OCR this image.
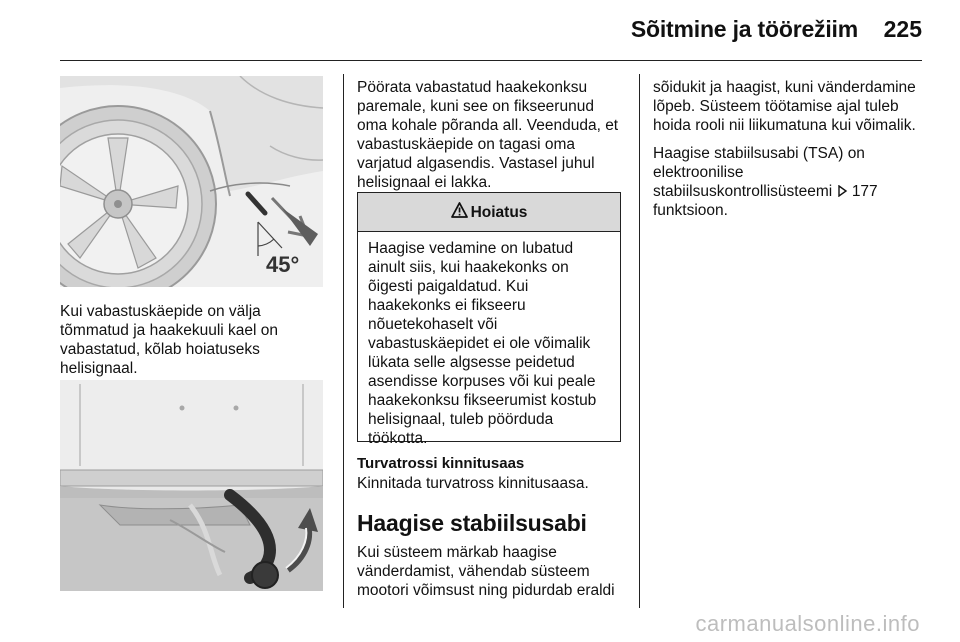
Sõitmine ja töörežiim 225
45°

Kui vabastuskäepide on välja tõmmatud ja haakekuuli kael on vabastatud, kõlab hoiatuseks helisignaal.

Pöörata vabastatud haakekonksu paremale, kuni see on fikseerunud oma kohale põranda all. Veenduda, et vabastuskäepide on tagasi oma varjatud algasendis. Vastasel juhul helisignaal ei lakka.

Hoiatus

Haagise vedamine on lubatud ainult siis, kui haakekonks on õigesti paigaldatud. Kui haakekonks ei fikseeru nõuetekohaselt või vabastuskäepidet ei ole võimalik lükata selle algsesse peidetud asendisse korpuses või kui peale haakekonksu fikseerumist kostub helisignaal, tuleb pöörduda töökotta.

Turvatrossi kinnitusaas

Kinnitada turvatross kinnitusaasa.

Haagise stabiilsusabi

Kui süsteem märkab haagise vänderdamist, vähendab süsteem mootori võimsust ning pidurdab eraldi

sõidukit ja haagist, kuni vänderdamine lõpeb. Süsteem töötamise ajal tuleb hoida rooli nii liikumatuna kui võimalik.

Haagise stabiilsusabi (TSA) on elektroonilise stabiilsuskontrollisüsteemi 177 funktsioon.

carmanualsonline.info
